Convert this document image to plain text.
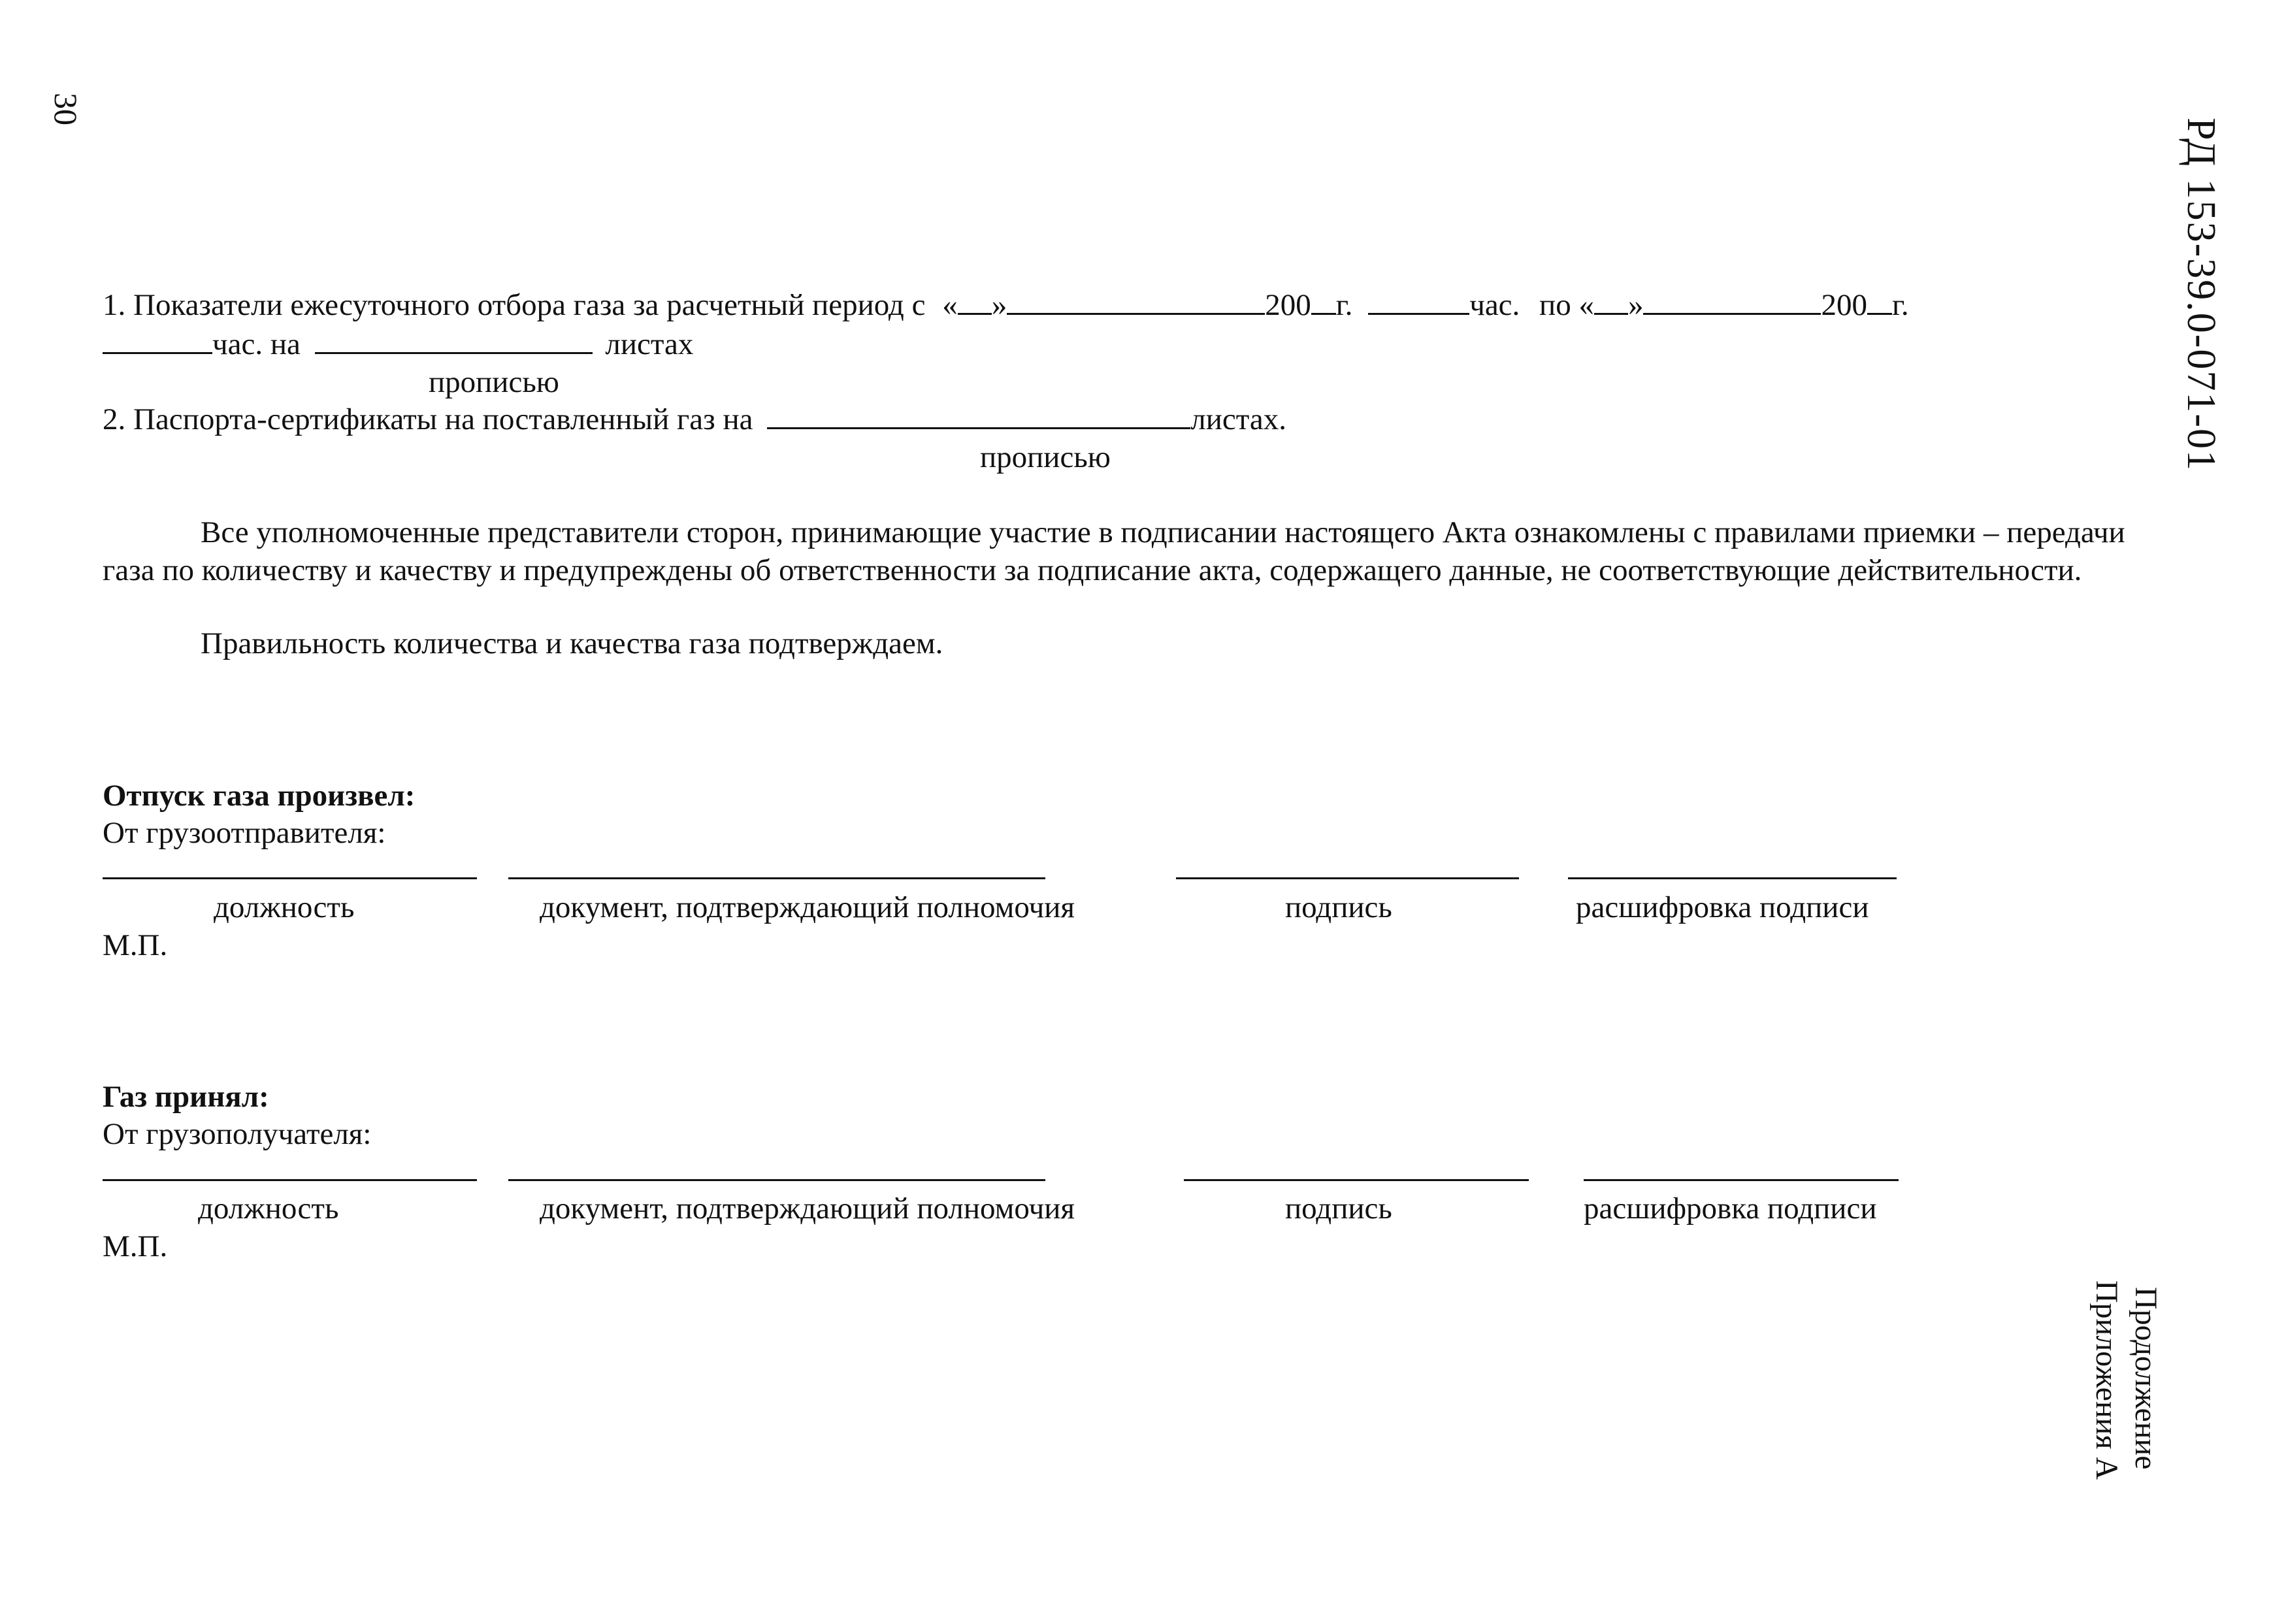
30
РД 153-39.0-071-01
Продолжение
Приложения А
1. Показатели ежесуточного отбора газа за расчетный период с « »	200 г.	час. по « »	200 г.
час. на	листах
прописью
2. Паспорта-сертификаты на поставленный газ на	листах.
прописью
Все уполномоченные представители сторон, принимающие участие в подписании настоящего Акта ознакомлены с правилами приемки – передачи газа по количеству и качеству и предупреждены об ответственности за подписание акта, содержащего данные, не соответствующие действительности.
Правильность количества и качества газа подтверждаем.
Отпуск газа произвел:
От грузоотправителя:
должность	документ, подтверждающий полномочия	подпись	расшифровка подписи
М.П.
Газ принял:
От грузополучателя:
должность	документ, подтверждающий полномочия	подпись	расшифровка подписи
М.П.
